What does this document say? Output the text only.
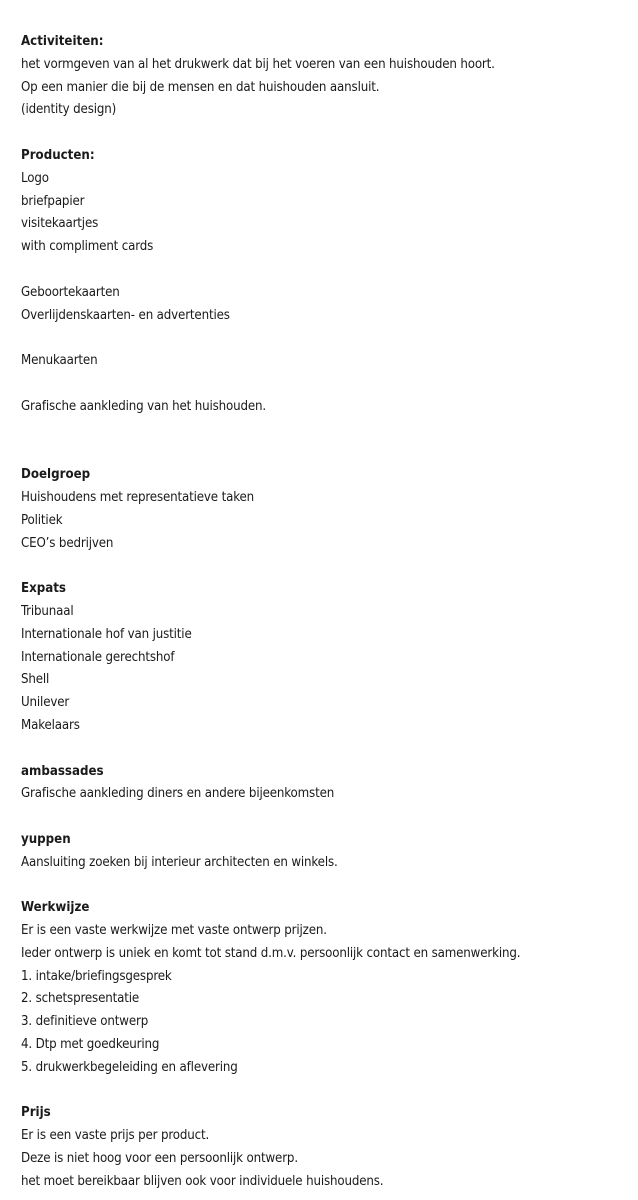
Activiteiten:
het vormgeven van al het drukwerk dat bij het voeren van een huishouden hoort.
Op een manier die bij de mensen en dat huishouden aansluit.
(identity design)
Producten:
Logo
briefpapier
visitekaartjes
with compliment cards
Geboortekaarten
Overlijdenskaarten- en advertenties
Menukaarten
Grafische aankleding van het huishouden.
Doelgroep
Huishoudens met representatieve taken
Politiek
CEO’s bedrijven
Expats
Tribunaal
Internationale hof van justitie
Internationale gerechtshof
Shell
Unilever
Makelaars
ambassades
Grafische aankleding diners en andere bijeenkomsten
yuppen
Aansluiting zoeken bij interieur architecten en winkels.
Werkwijze
Er is een vaste werkwijze met vaste ontwerp prijzen.
Ieder ontwerp is uniek en komt tot stand d.m.v. persoonlijk contact en samenwerking.
1. intake/briefingsgesprek
2. schetspresentatie
3. definitieve ontwerp
4. Dtp met goedkeuring
5. drukwerkbegeleiding en aflevering
Prijs
Er is een vaste prijs per product.
Deze is niet hoog voor een persoonlijk ontwerp.
het moet bereikbaar blijven ook voor individuele huishoudens.
